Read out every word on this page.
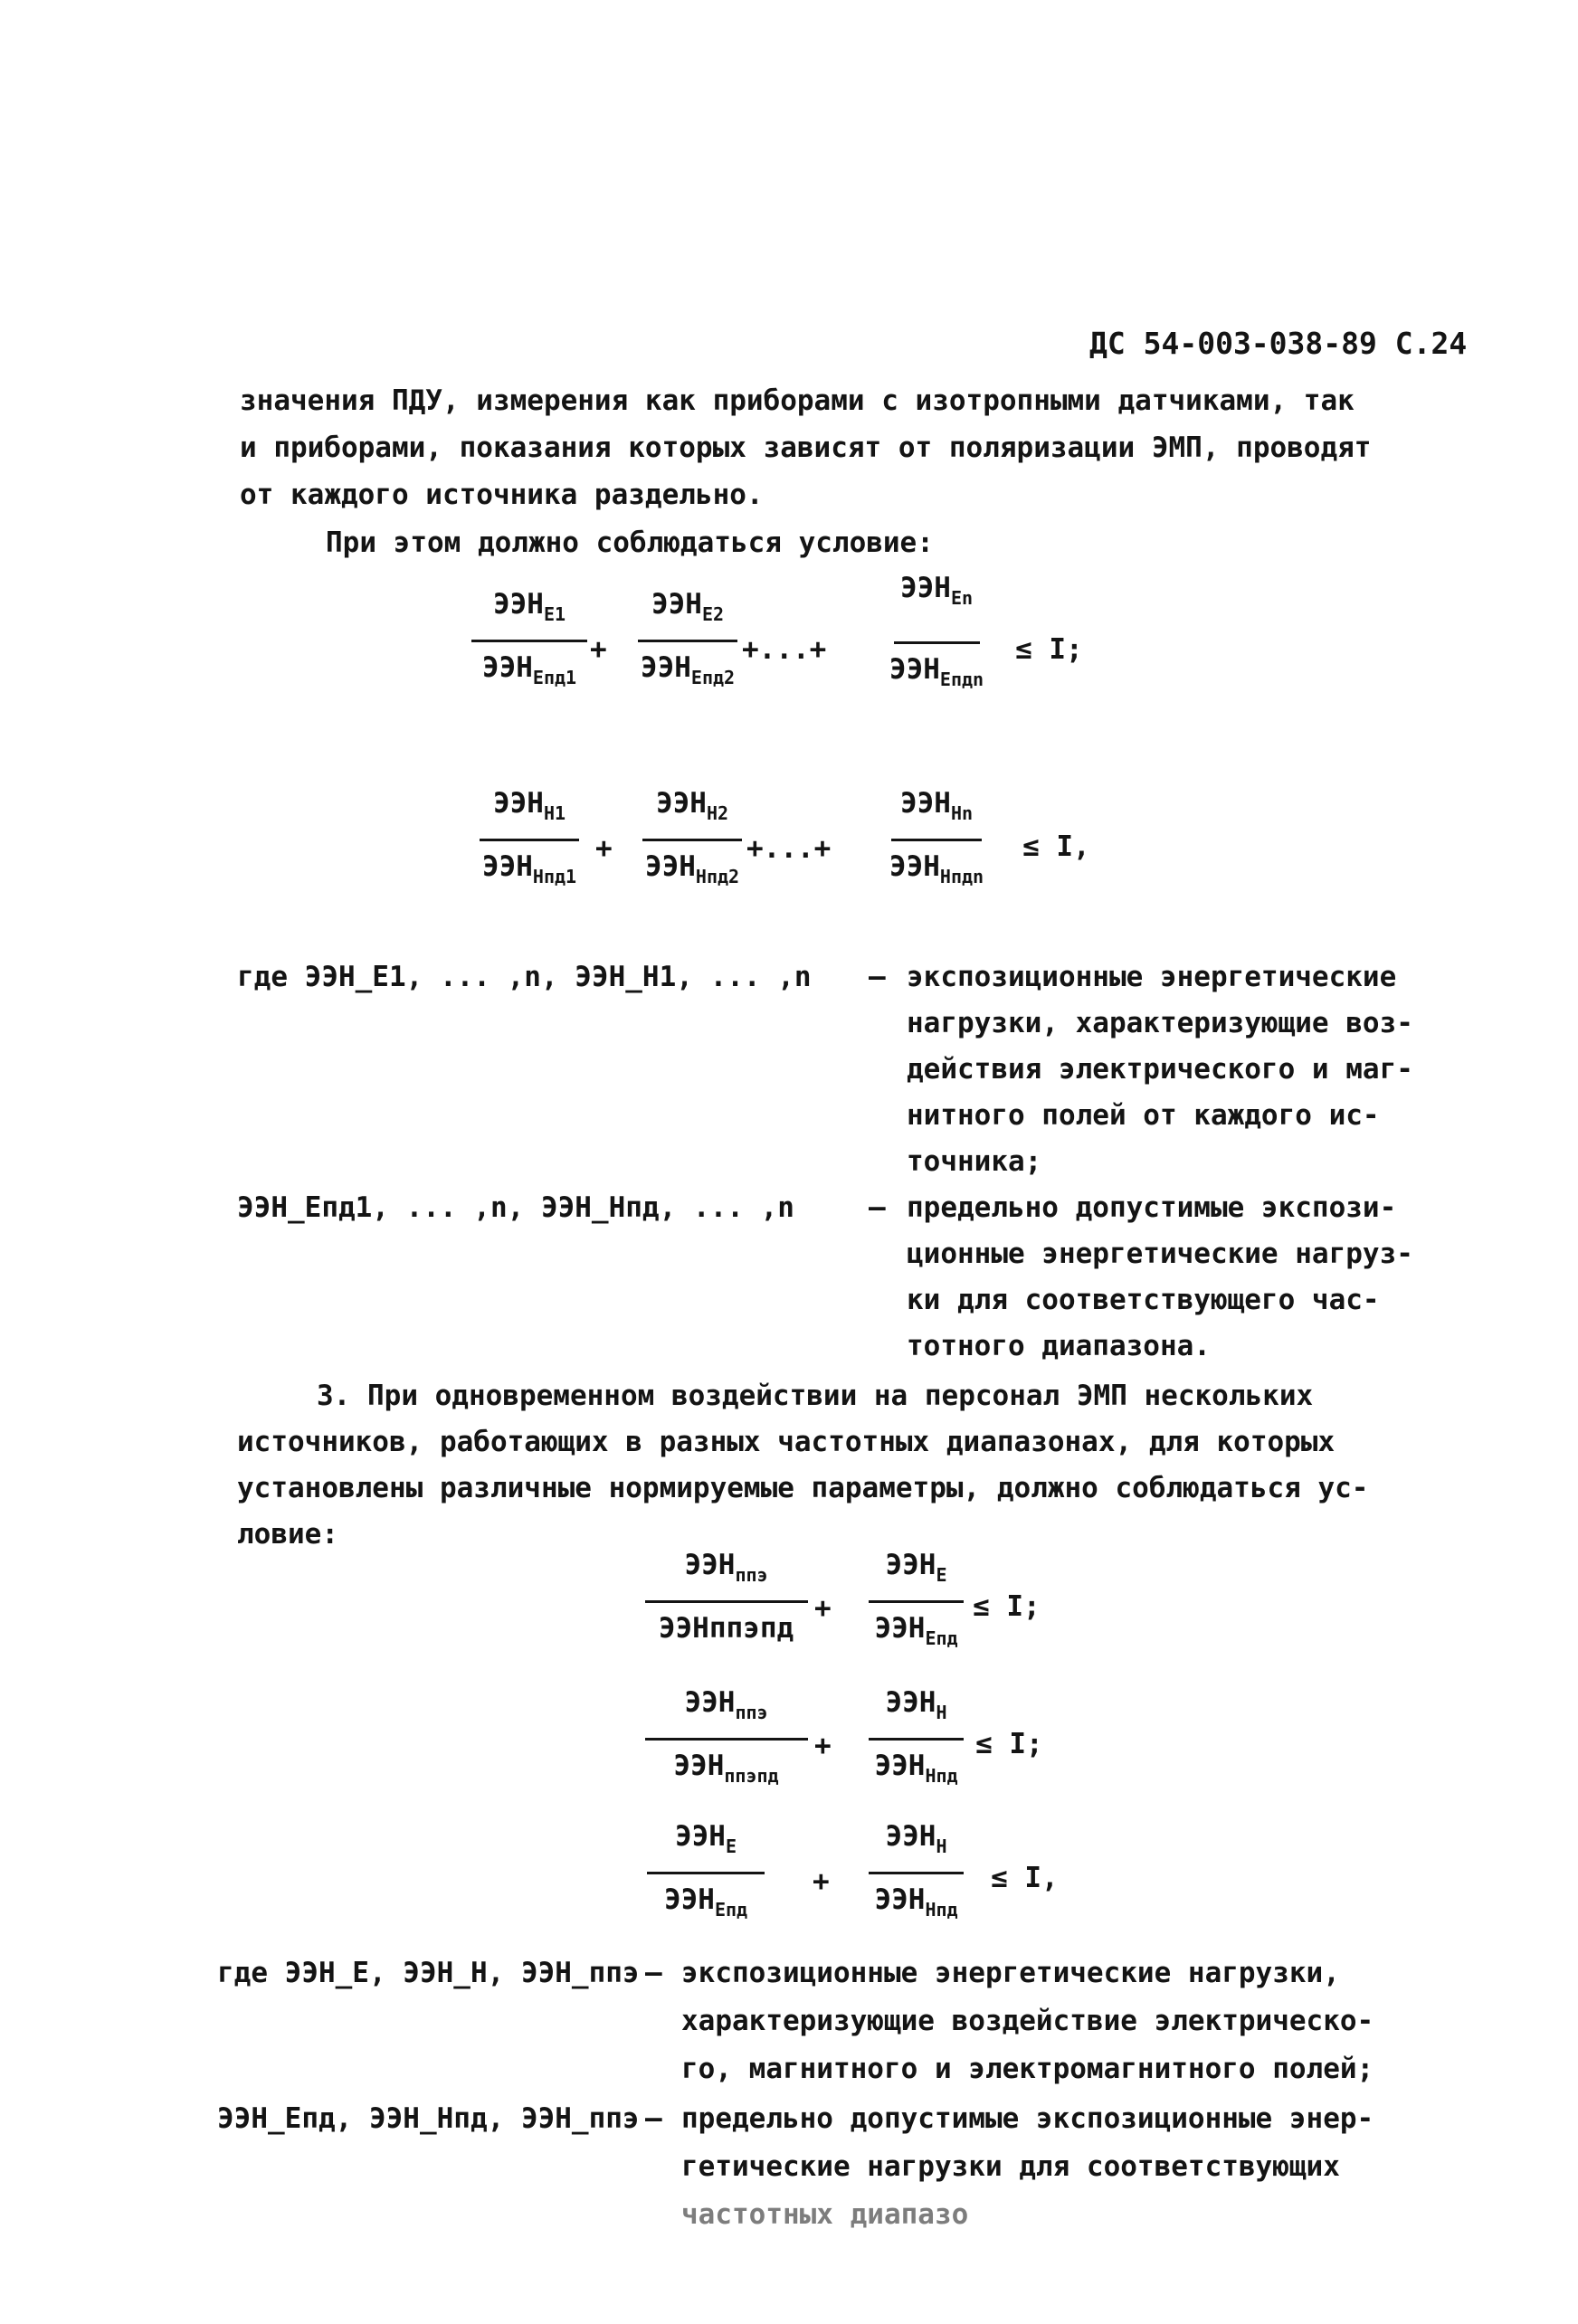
ДС 54-003-038-89 С.24
значения ПДУ, измерения как приборами с изотропными датчиками, так
и приборами, показания которых зависят от поляризации ЭМП, проводят
от каждого источника раздельно.
При этом должно соблюдаться условие:
$ЭЭН_{E1}$
$ЭЭН_{Eпд1}$
+
$ЭЭН_{E2}$
$ЭЭН_{Eпд2}$
+...+
$ЭЭН_{En}$
$ЭЭН_{Eпдn}$
≤ I;
$ЭЭН_{H1}$
$ЭЭН_{Hпд1}$
+
$ЭЭН_{H2}$
$ЭЭН_{Hпд2}$
+...+
$ЭЭН_{Hn}$
$ЭЭН_{Hпдn}$
≤ I,
где ЭЭН_E1, ... ,n, ЭЭН_H1, ... ,n – экспозиционные энергетические
нагрузки, характеризующие воз-
действия электрического и маг-
нитного полей от каждого ис-
точника;
ЭЭН_Eпд1, ... ,n, ЭЭН_Hпд, ... ,n	– предельно допустимые экспози-
ционные энергетические нагруз-
ки для соответствующего час-
тотного диапазона.
3. При одновременном воздействии на персонал ЭМП нескольких
источников, работающих в разных частотных диапазонах, для которых
установлены различные нормируемые параметры, должно соблюдаться ус-
ловие:
$ЭЭН_{ппэ}$
ЭЭНппэпд
+
$ЭЭН_E$
$ЭЭН_{Eпд}$
≤ I;
$ЭЭН_{ппэ}$
$ЭЭН_{ппэпд}$
+
$ЭЭН_H$
$ЭЭН_{Hпд}$
≤ I;
$ЭЭН_E$
$ЭЭН_{Eпд}$
+
$ЭЭН_H$
$ЭЭН_{Hпд}$
≤ I,
где ЭЭН_E, ЭЭН_H, ЭЭН_ппэ – экспозиционные энергетические нагрузки,
характеризующие воздействие электрическо-
го, магнитного и электромагнитного полей;
ЭЭН_Eпд, ЭЭН_Hпд, ЭЭН_ппэ – предельно допустимые экспозиционные энер-
гетические нагрузки для соответствующих
частотных диапазо
